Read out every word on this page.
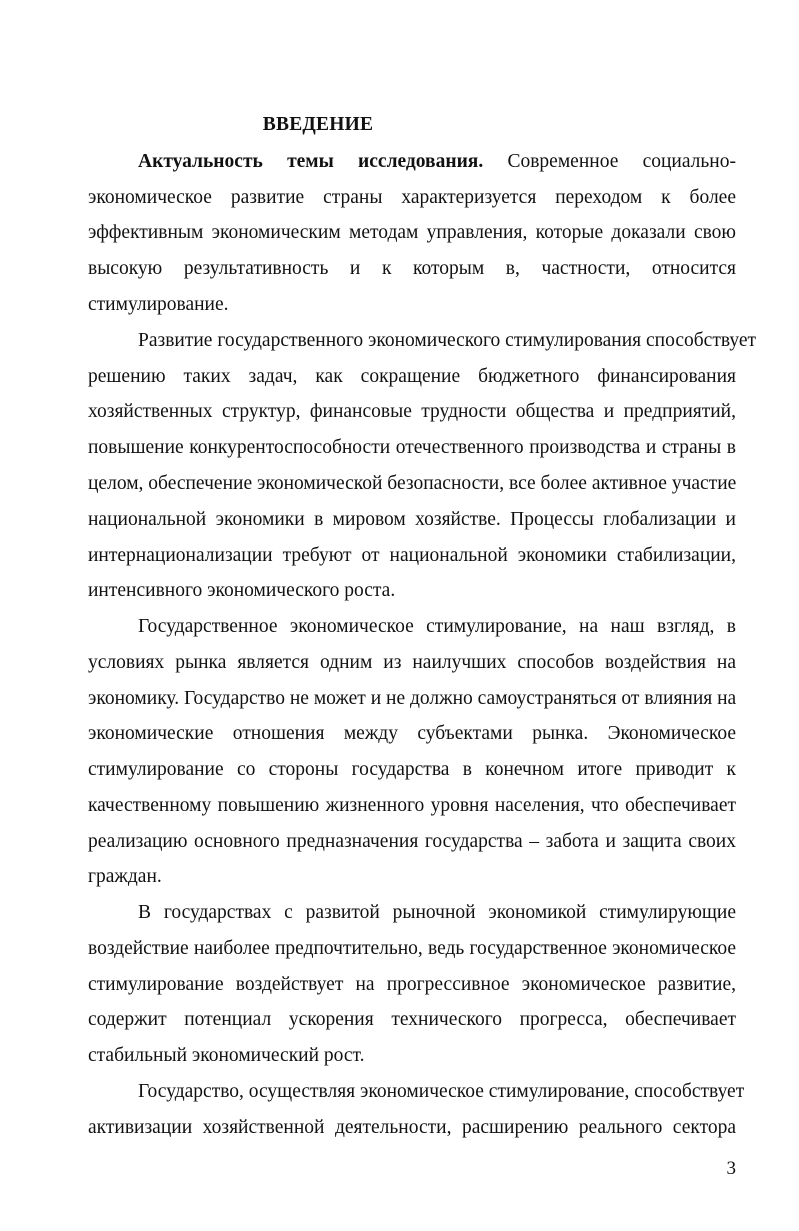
ВВЕДЕНИЕ
Актуальность темы исследования. Современное социально-
экономическое развитие страны характеризуется переходом к более
эффективным экономическим методам управления, которые доказали свою
высокую результативность и к которым в, частности, относится
стимулирование.
Развитие государственного экономического стимулирования способствует
решению таких задач, как сокращение бюджетного финансирования
хозяйственных структур, финансовые трудности общества и предприятий,
повышение конкурентоспособности отечественного производства и страны в
целом, обеспечение экономической безопасности, все более активное участие
национальной экономики в мировом хозяйстве. Процессы глобализации и
интернационализации требуют от национальной экономики стабилизации,
интенсивного экономического роста.
Государственное экономическое стимулирование, на наш взгляд, в
условиях рынка является одним из наилучших способов воздействия на
экономику. Государство не может и не должно самоустраняться от влияния на
экономические отношения между субъектами рынка. Экономическое
стимулирование со стороны государства в конечном итоге приводит к
качественному повышению жизненного уровня населения, что обеспечивает
реализацию основного предназначения государства – забота и защита своих
граждан.
В государствах с развитой рыночной экономикой стимулирующие
воздействие наиболее предпочтительно, ведь государственное экономическое
стимулирование воздействует на прогрессивное экономическое развитие,
содержит потенциал ускорения технического прогресса, обеспечивает
стабильный экономический рост.
Государство, осуществляя экономическое стимулирование, способствует
активизации хозяйственной деятельности, расширению реального сектора
3
